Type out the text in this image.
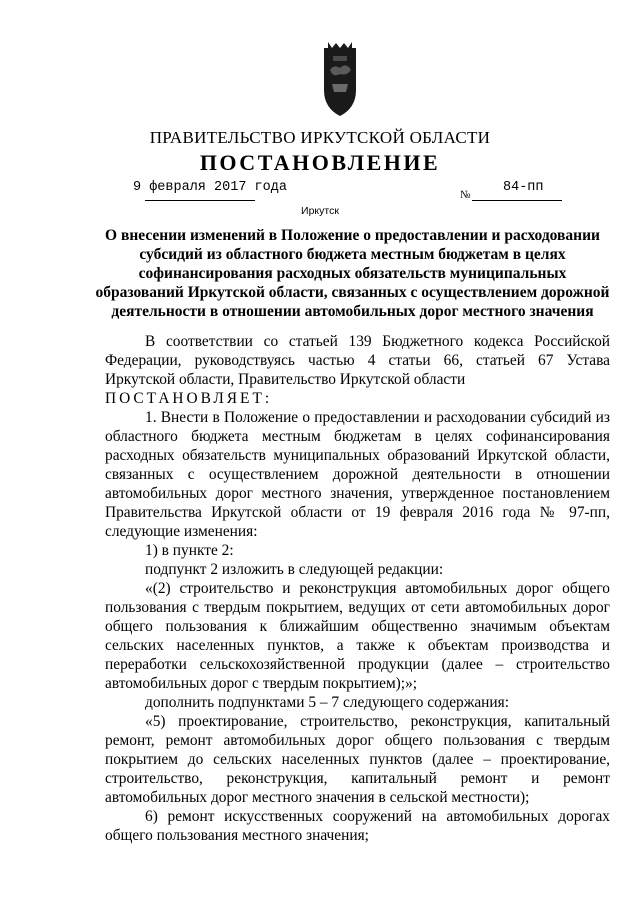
ПРАВИТЕЛЬСТВО ИРКУТСКОЙ ОБЛАСТИ
ПОСТАНОВЛЕНИЕ
9 февраля 2017 года	№ 84-пп
Иркутск
О внесении изменений в Положение о предоставлении и расходовании субсидий из областного бюджета местным бюджетам в целях софинансирования расходных обязательств муниципальных образований Иркутской области, связанных с осуществлением дорожной деятельности в отношении автомобильных дорог местного значения

В соответствии со статьей 139 Бюджетного кодекса Российской Федерации, руководствуясь частью 4 статьи 66, статьей 67 Устава Иркутской области, Правительство Иркутской области

ПОСТАНОВЛЯЕТ:

1. Внести в Положение о предоставлении и расходовании субсидий из областного бюджета местным бюджетам в целях софинансирования расходных обязательств муниципальных образований Иркутской области, связанных с осуществлением дорожной деятельности в отношении автомобильных дорог местного значения, утвержденное постановлением Правительства Иркутской области от 19 февраля 2016 года № 97-пп, следующие изменения:

1) в пункте 2:

подпункт 2 изложить в следующей редакции:

«(2) строительство и реконструкция автомобильных дорог общего пользования с твердым покрытием, ведущих от сети автомобильных дорог общего пользования к ближайшим общественно значимым объектам сельских населенных пунктов, а также к объектам производства и переработки сельскохозяйственной продукции (далее – строительство автомобильных дорог с твердым покрытием);»;

дополнить подпунктами 5 – 7 следующего содержания:

«5) проектирование, строительство, реконструкция, капитальный ремонт, ремонт автомобильных дорог общего пользования с твердым покрытием до сельских населенных пунктов (далее – проектирование, строительство, реконструкция, капитальный ремонт и ремонт автомобильных дорог местного значения в сельской местности);

6) ремонт искусственных сооружений на автомобильных дорогах общего пользования местного значения;
